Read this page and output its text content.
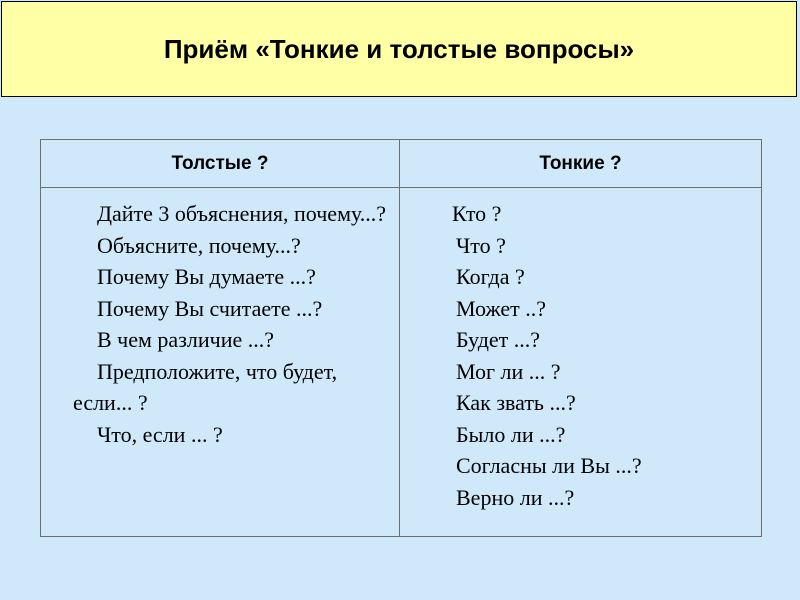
Приём «Тонкие и толстые вопросы»
Толстые ?	Тонкие ?
Дайте 3 объяснения, почему...?
Объясните, почему...?
Почему Вы думаете ...?
Почему Вы считаете ...?
В чем различие ...?
Предположите, что будет, если... ?
Что, если ... ?
Кто ?
Что ?
Когда ?
Может ..?
Будет ...?
Мог ли ... ?
Как звать ...?
Было ли ...?
Согласны ли Вы ...?
Верно ли ...?
